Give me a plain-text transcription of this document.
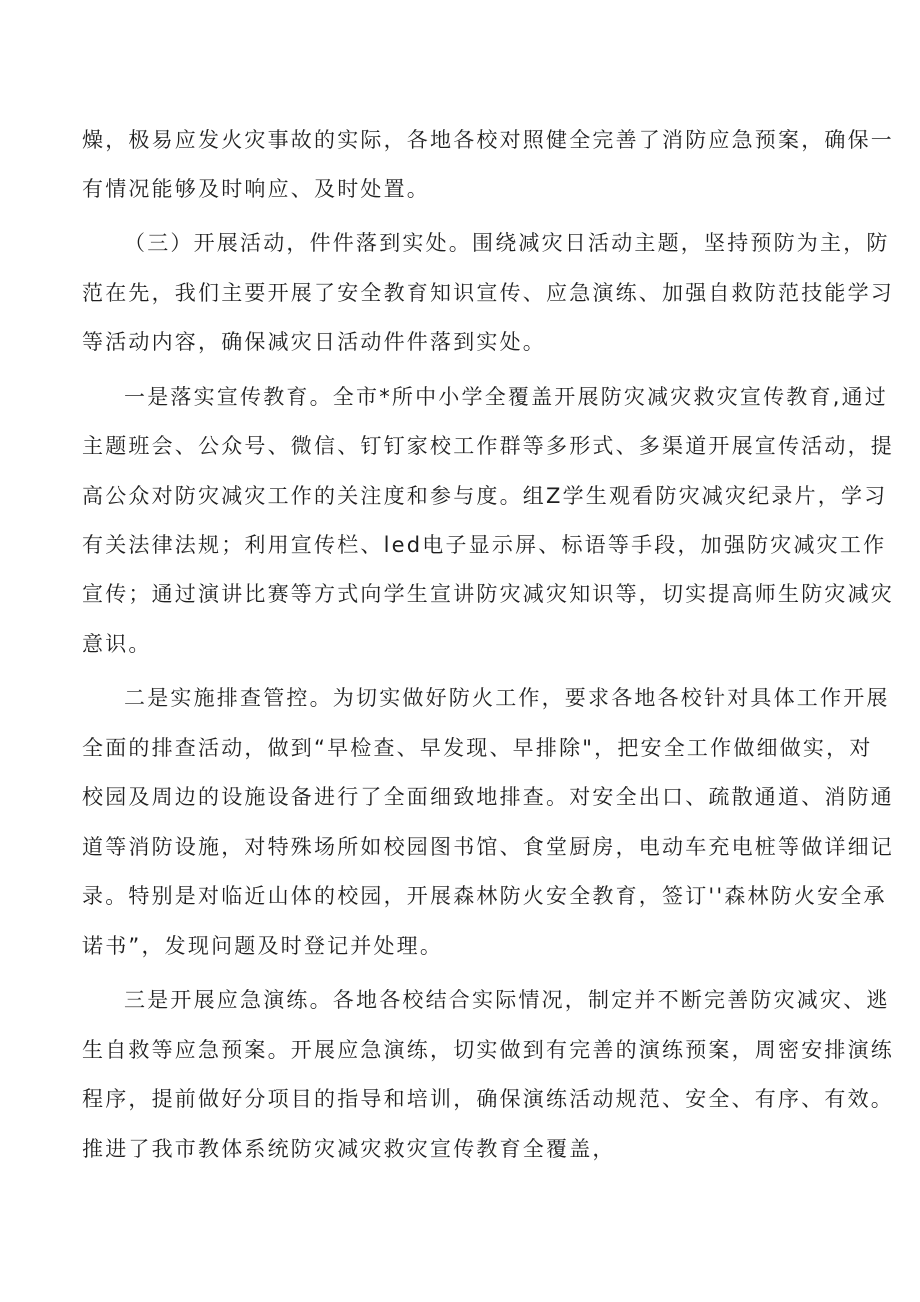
燥，极易应发火灾事故的实际，各地各校对照健全完善了消防应急预案，确保一
有情况能够及时响应、及时处置。
（三）开展活动，件件落到实处。围绕减灾日活动主题，坚持预防为主，防
范在先，我们主要开展了安全教育知识宣传、应急演练、加强自救防范技能学习
等活动内容，确保减灾日活动件件落到实处。
一是落实宣传教育。全市*所中小学全覆盖开展防灾减灾救灾宣传教育,通过
主题班会、公众号、微信、钉钉家校工作群等多形式、多渠道开展宣传活动，提
高公众对防灾减灾工作的关注度和参与度。组Z学生观看防灾减灾纪录片，学习
有关法律法规；利用宣传栏、led电子显示屏、标语等手段，加强防灾减灾工作
宣传；通过演讲比赛等方式向学生宣讲防灾减灾知识等，切实提高师生防灾减灾
意识。
二是实施排查管控。为切实做好防火工作，要求各地各校针对具体工作开展
全面的排查活动，做到“早检查、早发现、早排除"，把安全工作做细做实，对
校园及周边的设施设备进行了全面细致地排查。对安全出口、疏散通道、消防通
道等消防设施，对特殊场所如校园图书馆、食堂厨房，电动车充电桩等做详细记
录。特别是对临近山体的校园，开展森林防火安全教育，签订''森林防火安全承
诺书”，发现问题及时登记并处理。
三是开展应急演练。各地各校结合实际情况，制定并不断完善防灾减灾、逃
生自救等应急预案。开展应急演练，切实做到有完善的演练预案，周密安排演练
程序，提前做好分项目的指导和培训，确保演练活动规范、安全、有序、有效。
推进了我市教体系统防灾减灾救灾宣传教育全覆盖，
